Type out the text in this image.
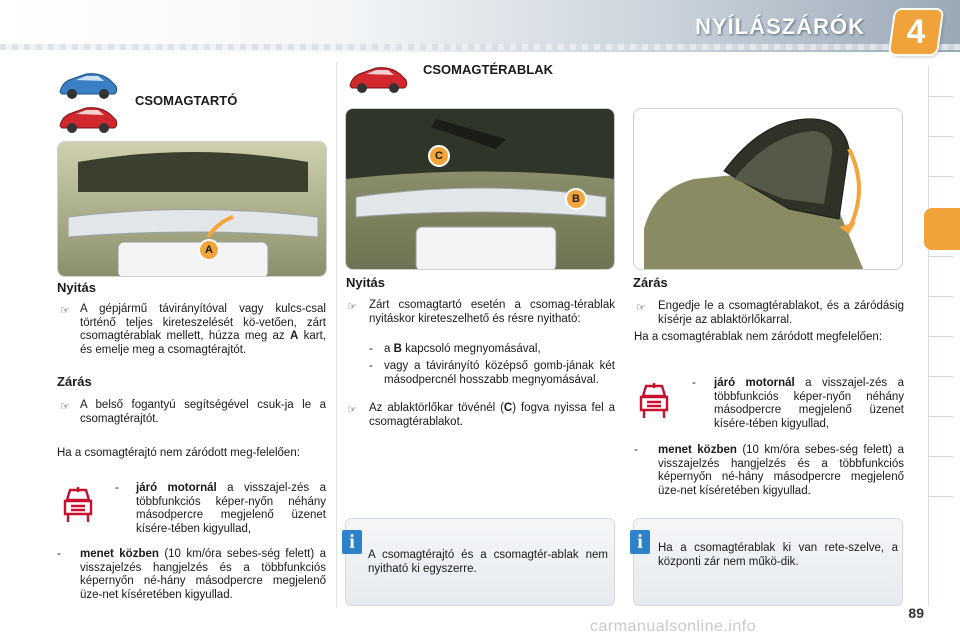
NYÍLÁSZÁRÓK	4
CSOMAGTARTÓ
A
Nyitás
☞ A gépjármű távirányítóval vagy kulcs-csal történő teljes kireteszelését kö-vetően, zárt csomagtérablak mellett, húzza meg az A kart, és emelje meg a csomagtérajtót.
Zárás
☞ A belső fogantyú segítségével csuk-ja le a csomagtérajtót.
Ha a csomagtérajtó nem záródott meg-felelően:
-	járó motornál a visszajel-zés a többfunkciós képer-nyőn néhány másodpercre megjelenő üzenet kísére-tében kigyullad,
-	menet közben (10 km/óra sebes-ség felett) a visszajelzés hangjelzés és a többfunkciós képernyőn né-hány másodpercre megjelenő üze-net kíséretében kigyullad.
CSOMAGTÉRABLAK
C
B
Nyitás
☞ Zárt csomagtartó esetén a csomag-térablak nyitáskor kireteszelhető és résre nyitható:
- a B kapcsoló megnyomásával,
- vagy a távirányító középső gomb-jának két másodpercnél hosszabb megnyomásával.
☞ Az ablaktörlőkar tövénél (C) fogva nyissa fel a csomagtérablakot.
i
A csomagtérajtó és a csomagtér-ablak nem nyitható ki egyszerre.
Zárás
☞ Engedje le a csomagtérablakot, és a záródásig kísérje az ablaktörlőkarral.
Ha a csomagtérablak nem záródott megfelelően:
-	járó motornál a visszajel-zés a többfunkciós képer-nyőn néhány másodpercre megjelenő üzenet kísére-tében kigyullad,
-	menet közben (10 km/óra sebes-ség felett) a visszajelzés hangjelzés és a többfunkciós képernyőn né-hány másodpercre megjelenő üze-net kíséretében kigyullad.
i	Ha a csomagtérablak ki van rete-szelve, a központi zár nem műkö-dik.
89
carmanualsonline.info
